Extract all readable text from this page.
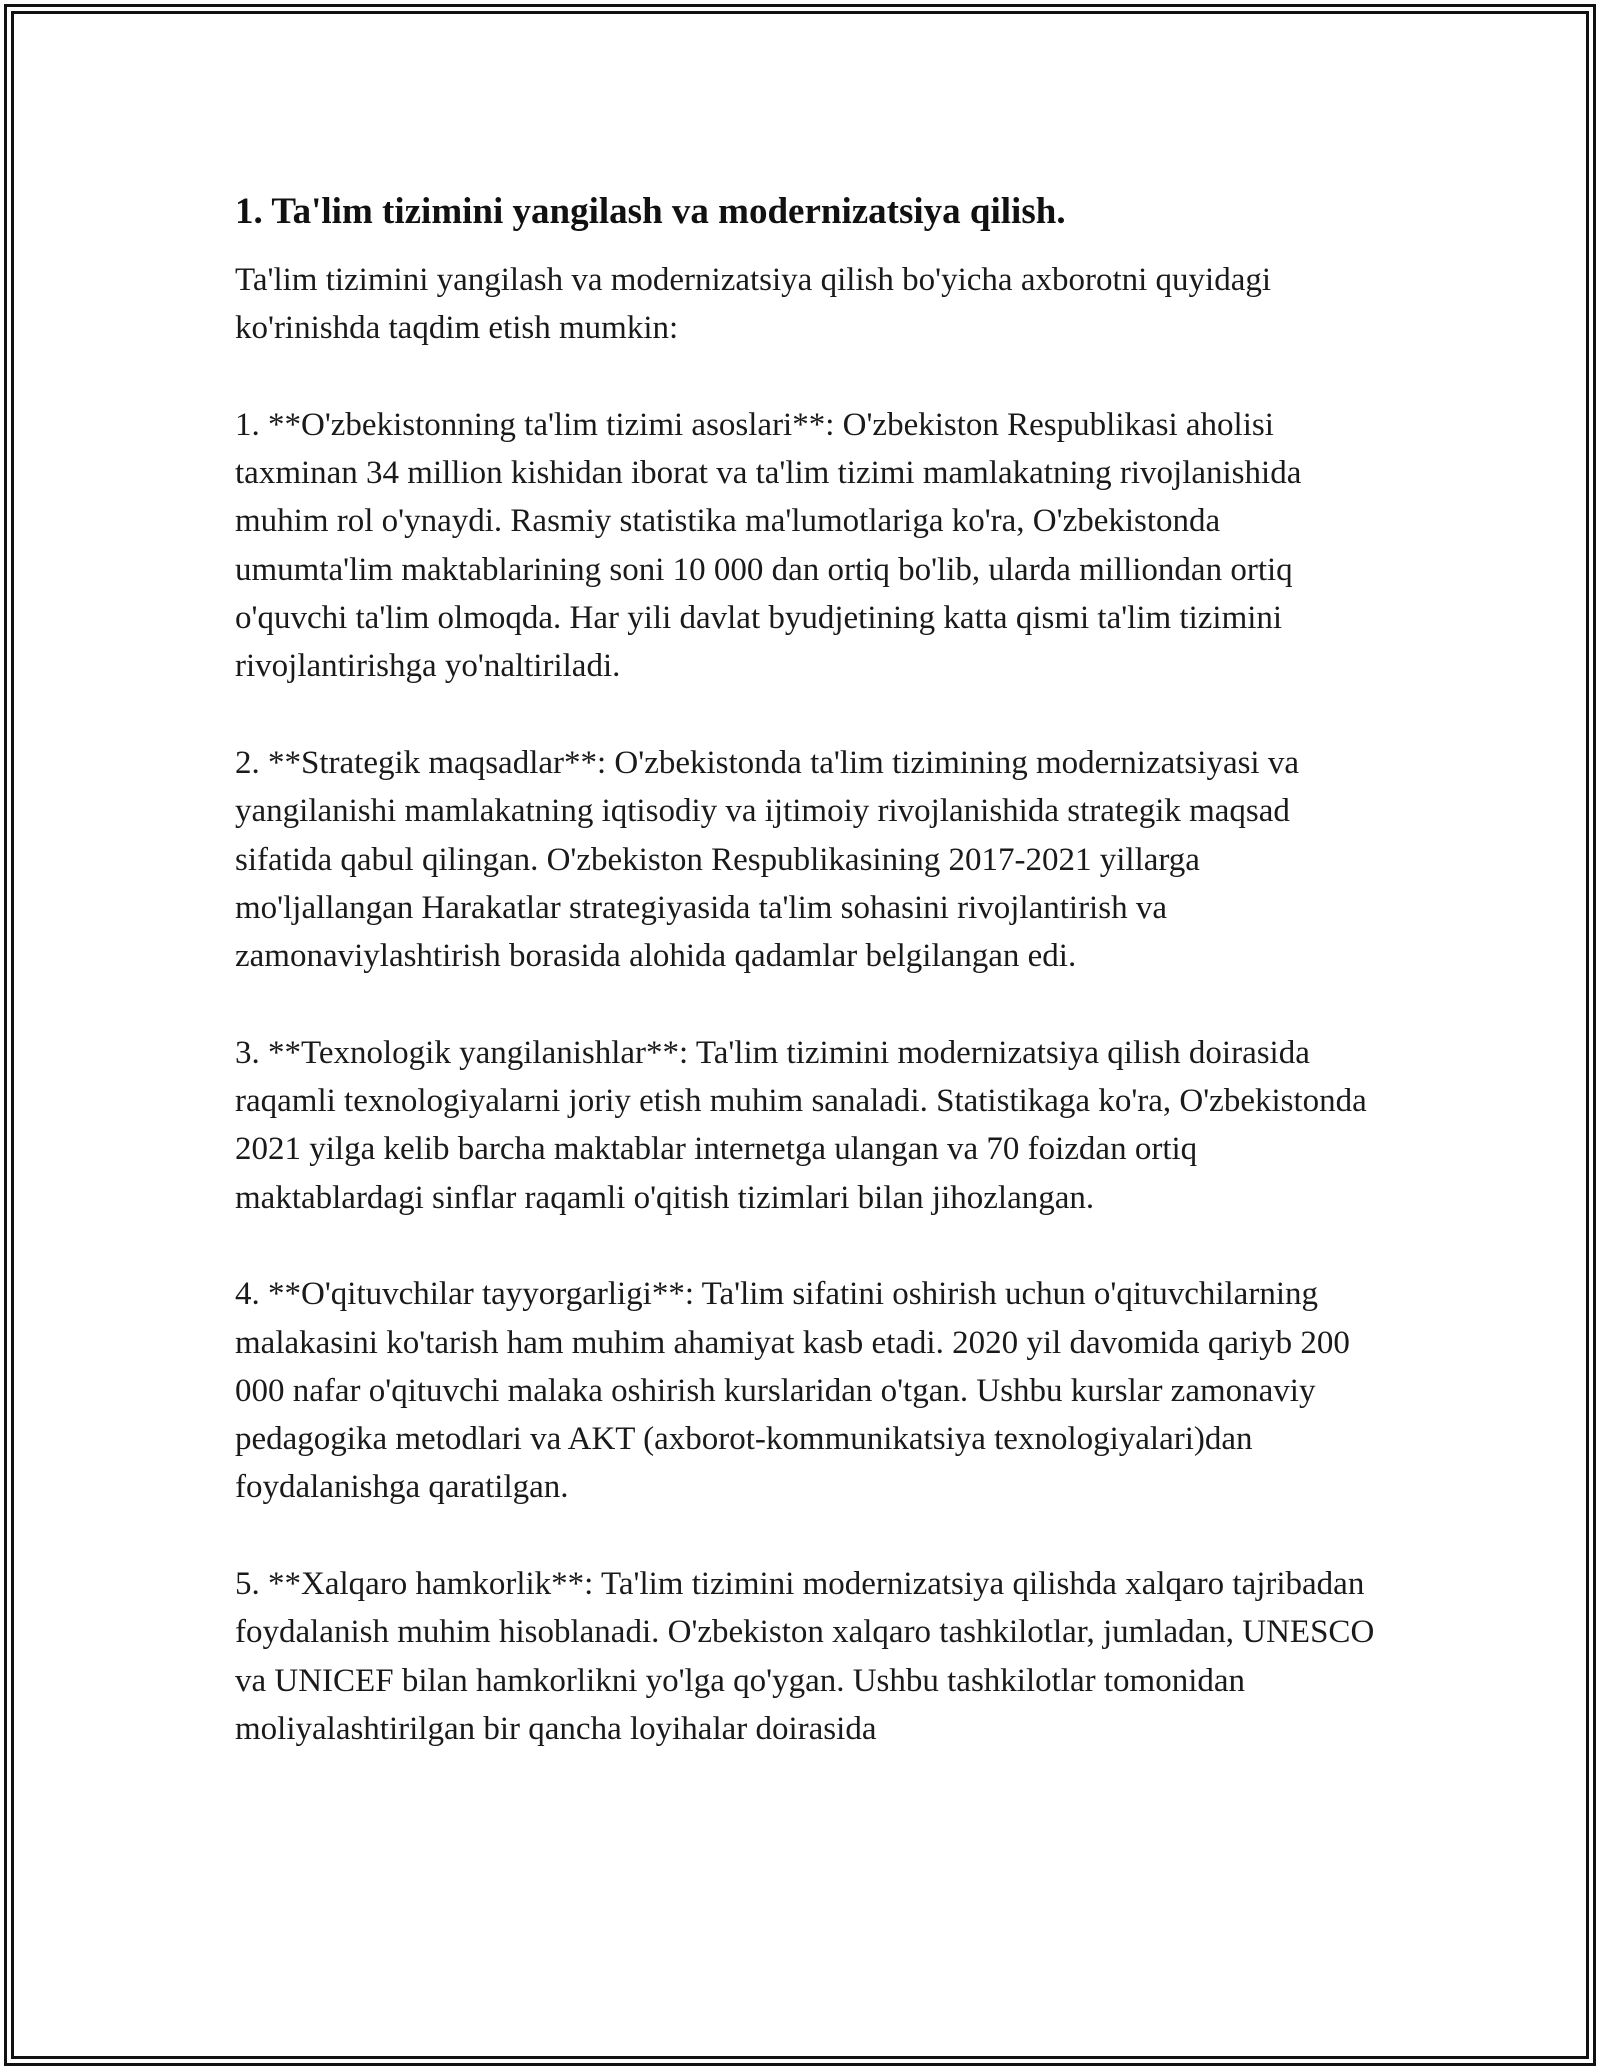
1. Ta'lim tizimini yangilash va modernizatsiya qilish.

Ta'lim tizimini yangilash va modernizatsiya qilish bo'yicha axborotni quyidagi ko'rinishda taqdim etish mumkin:

1. **O'zbekistonning ta'lim tizimi asoslari**: O'zbekiston Respublikasi aholisi taxminan 34 million kishidan iborat va ta'lim tizimi mamlakatning rivojlanishida muhim rol o'ynaydi. Rasmiy statistika ma'lumotlariga ko'ra, O'zbekistonda umumta'lim maktablarining soni 10 000 dan ortiq bo'lib, ularda milliondan ortiq o'quvchi ta'lim olmoqda. Har yili davlat byudjetining katta qismi ta'lim tizimini rivojlantirishga yo'naltiriladi.

2. **Strategik maqsadlar**: O'zbekistonda ta'lim tizimining modernizatsiyasi va yangilanishi mamlakatning iqtisodiy va ijtimoiy rivojlanishida strategik maqsad sifatida qabul qilingan. O'zbekiston Respublikasining 2017-2021 yillarga mo'ljallangan Harakatlar strategiyasida ta'lim sohasini rivojlantirish va zamonaviylashtirish borasida alohida qadamlar belgilangan edi.

3. **Texnologik yangilanishlar**: Ta'lim tizimini modernizatsiya qilish doirasida raqamli texnologiyalarni joriy etish muhim sanaladi. Statistikaga ko'ra, O'zbekistonda 2021 yilga kelib barcha maktablar internetga ulangan va 70 foizdan ortiq maktablardagi sinflar raqamli o'qitish tizimlari bilan jihozlangan.

4. **O'qituvchilar tayyorgarligi**: Ta'lim sifatini oshirish uchun o'qituvchilarning malakasini ko'tarish ham muhim ahamiyat kasb etadi. 2020 yil davomida qariyb 200 000 nafar o'qituvchi malaka oshirish kurslaridan o'tgan. Ushbu kurslar zamonaviy pedagogika metodlari va AKT (axborot-kommunikatsiya texnologiyalari)dan foydalanishga qaratilgan.

5. **Xalqaro hamkorlik**: Ta'lim tizimini modernizatsiya qilishda xalqaro tajribadan foydalanish muhim hisoblanadi. O'zbekiston xalqaro tashkilotlar, jumladan, UNESCO va UNICEF bilan hamkorlikni yo'lga qo'ygan. Ushbu tashkilotlar tomonidan moliyalashtirilgan bir qancha loyihalar doirasida
